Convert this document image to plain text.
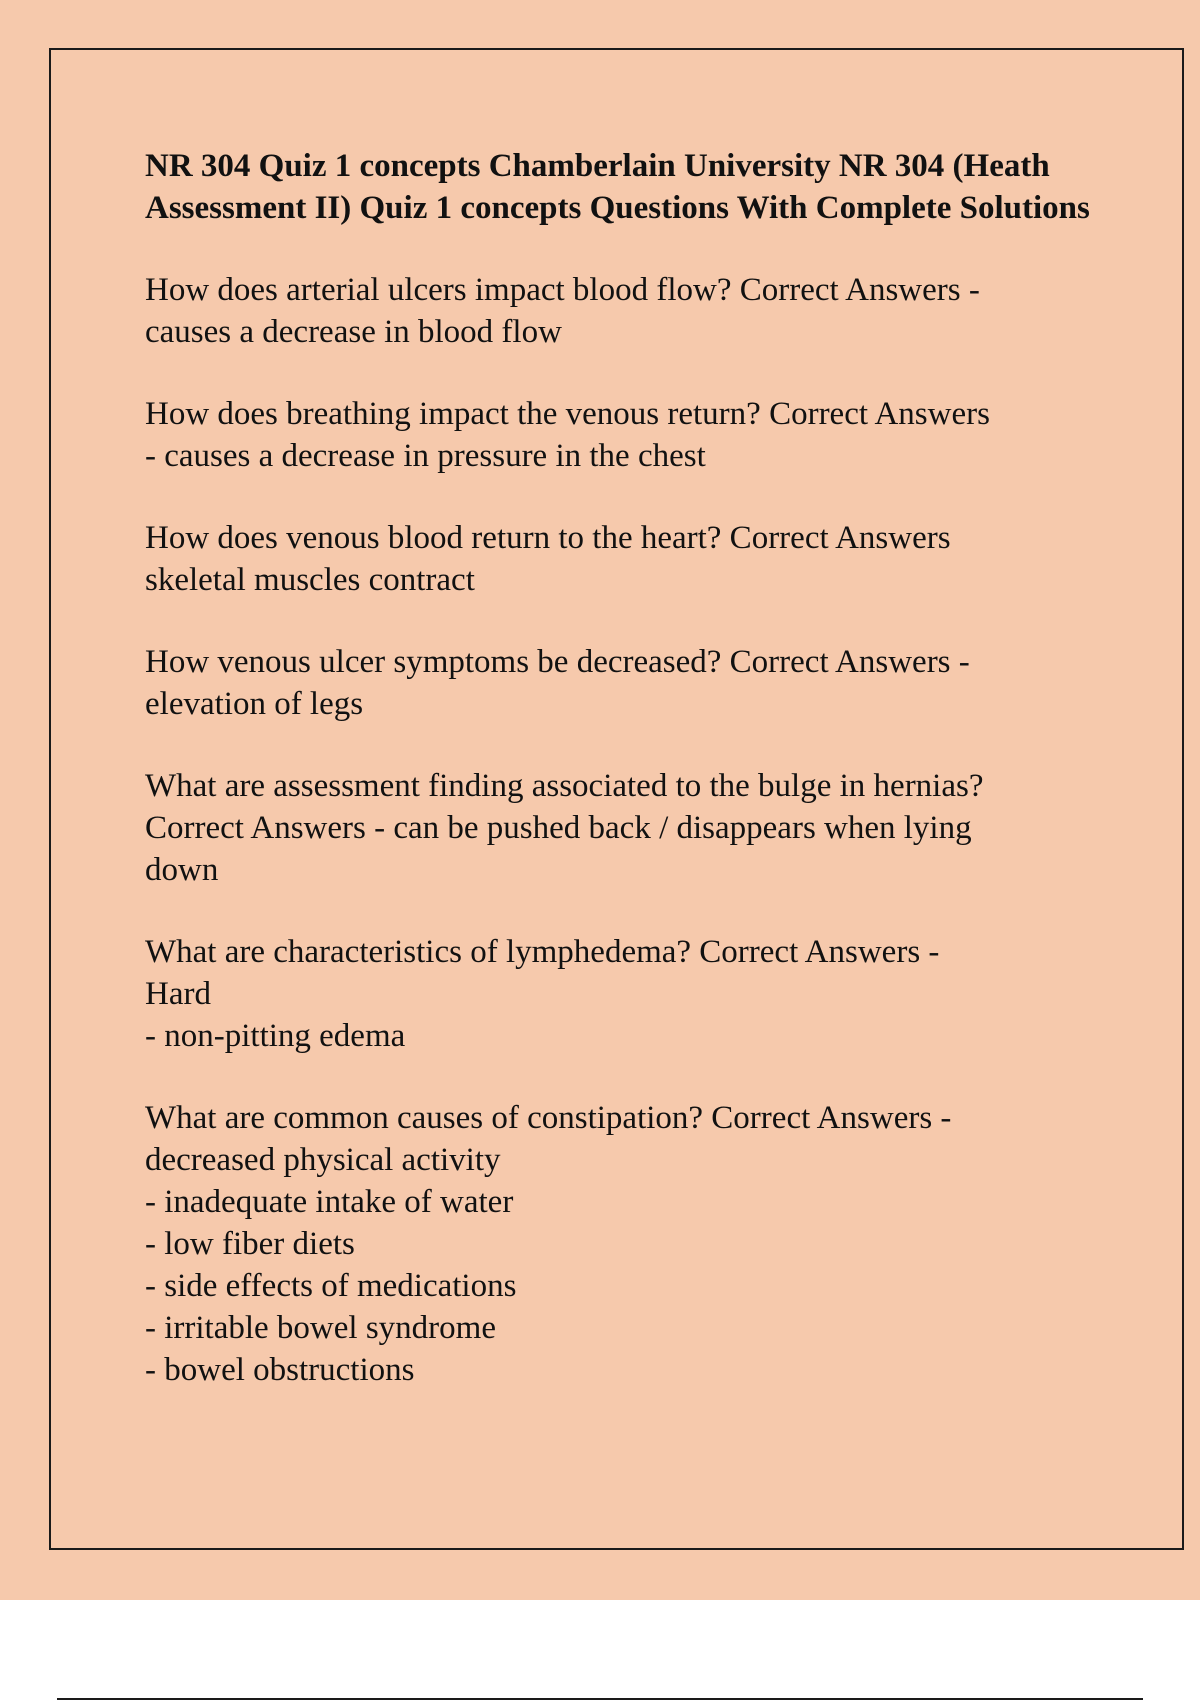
NR 304 Quiz 1 concepts Chamberlain University NR 304 (Heath Assessment II) Quiz 1 concepts Questions With Complete Solutions

How does arterial ulcers impact blood flow? Correct Answers -

causes a decrease in blood flow

How does breathing impact the venous return? Correct Answers

- causes a decrease in pressure in the chest

How does venous blood return to the heart? Correct Answers

skeletal muscles contract

How venous ulcer symptoms be decreased? Correct Answers -

elevation of legs

What are assessment finding associated to the bulge in hernias?

Correct Answers - can be pushed back / disappears when lying

down

What are characteristics of lymphedema? Correct Answers -

Hard

- non-pitting edema

What are common causes of constipation? Correct Answers -

decreased physical activity

- inadequate intake of water

- low fiber diets

- side effects of medications

- irritable bowel syndrome

- bowel obstructions
